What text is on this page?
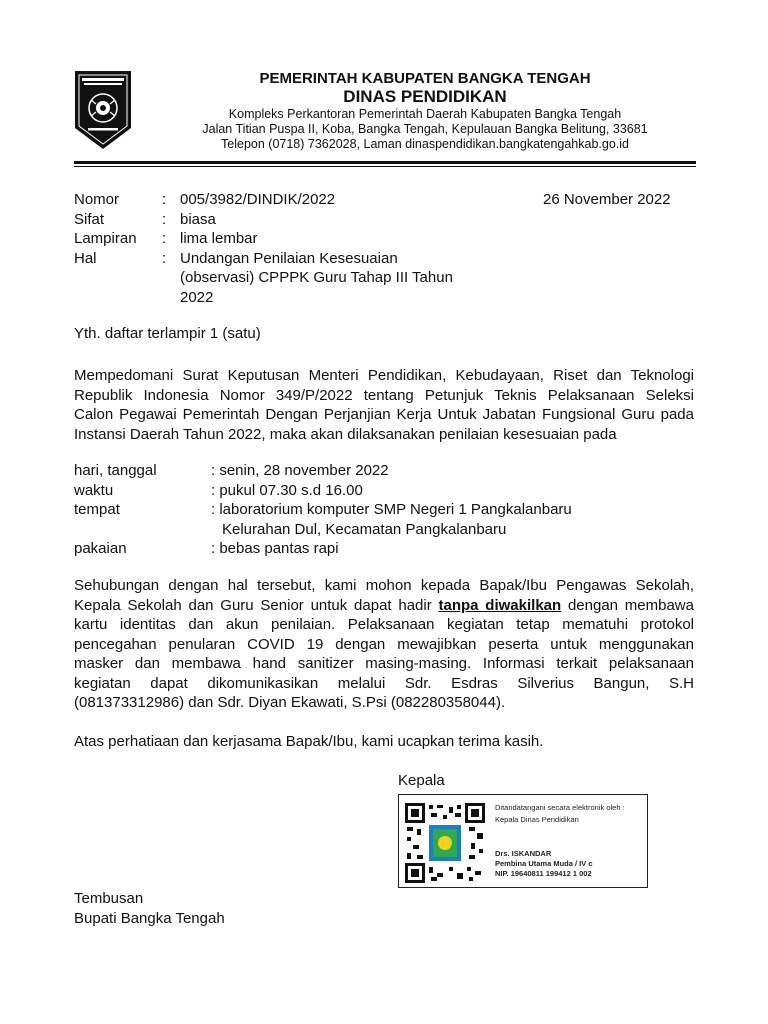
PEMERINTAH KABUPATEN BANGKA TENGAH
DINAS PENDIDIKAN
Kompleks Perkantoran Pemerintah Daerah Kabupaten Bangka Tengah
Jalan Titian Puspa II, Koba, Bangka Tengah, Kepulauan Bangka Belitung, 33681
Telepon (0718) 7362028, Laman dinaspendidikan.bangkatengahkab.go.id
26 November 2022
Nomor	: 005/3982/DINDIK/2022
Sifat	: biasa
Lampiran : lima lembar
Hal	: Undangan Penilaian Kesesuaian
(observasi) CPPPK Guru Tahap III Tahun
2022
Yth. daftar terlampir 1 (satu)
Mempedomani Surat Keputusan Menteri Pendidikan, Kebudayaan, Riset dan Teknologi
Republik Indonesia Nomor 349/P/2022 tentang Petunjuk Teknis Pelaksanaan Seleksi
Calon Pegawai Pemerintah Dengan Perjanjian Kerja Untuk Jabatan Fungsional Guru pada
Instansi Daerah Tahun 2022, maka akan dilaksanakan penilaian kesesuaian pada
hari, tanggal	: senin, 28 november 2022
waktu	: pukul 07.30 s.d 16.00
tempat	: laboratorium komputer SMP Negeri 1 Pangkalanbaru
Kelurahan Dul, Kecamatan Pangkalanbaru
pakaian	: bebas pantas rapi
Sehubungan dengan hal tersebut, kami mohon kepada Bapak/Ibu Pengawas Sekolah,
Kepala Sekolah dan Guru Senior untuk dapat hadir tanpa diwakilkan dengan membawa
kartu identitas dan akun penilaian. Pelaksanaan kegiatan tetap mematuhi protokol
pencegahan penularan COVID 19 dengan mewajibkan peserta untuk menggunakan
masker dan membawa hand sanitizer masing-masing. Informasi terkait pelaksanaan
kegiatan dapat dikomunikasikan melalui Sdr. Esdras Silverius Bangun, S.H
(081373312986) dan Sdr. Diyan Ekawati, S.Psi (082280358044).
Atas perhatiaan dan kerjasama Bapak/Ibu, kami ucapkan terima kasih.
Kepala
Ditandatangani secara elektronik oleh :
Kepala Dinas Pendidikan
Drs. ISKANDAR
Pembina Utama Muda / IV c
NIP. 19640811 199412 1 002
Tembusan
Bupati Bangka Tengah
